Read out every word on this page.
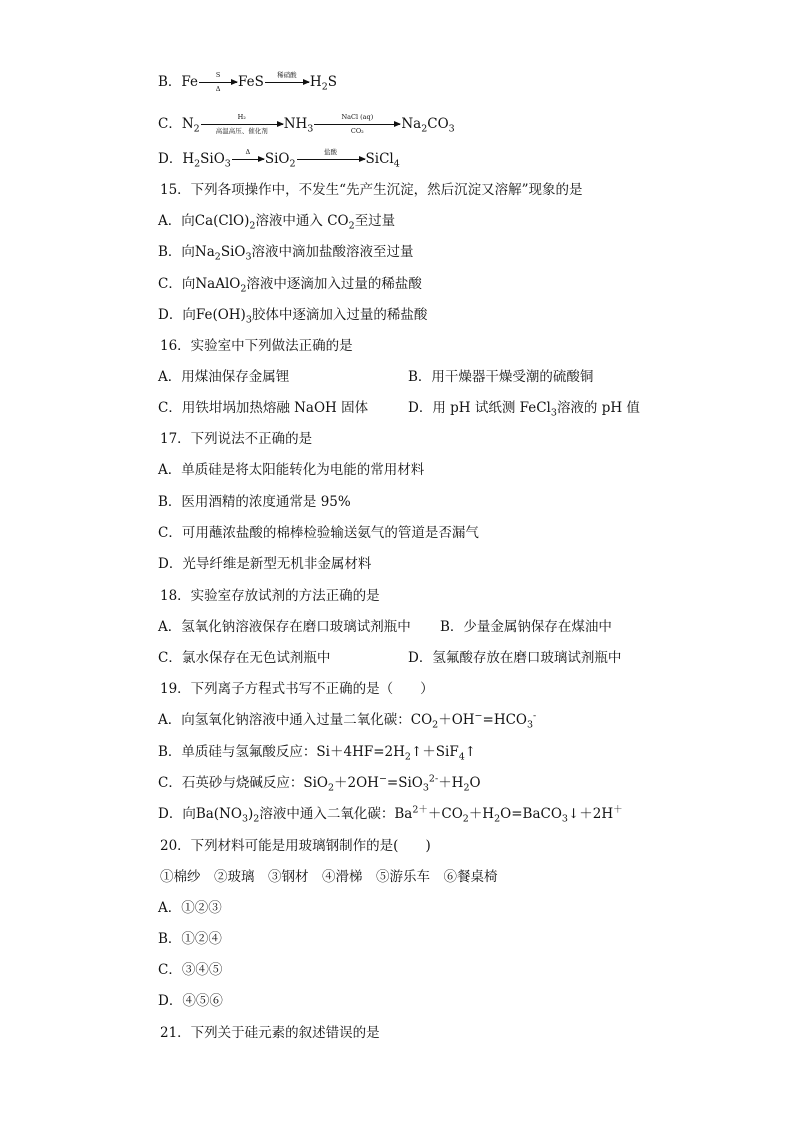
B．Fe $\frac{S}{\Delta}$ FeS	稀硝酸 $H_2S$
C．$N_2$
H₂
高温高压、催化剂	$NH_3$
NaCl (aq)
CO₂	$Na_2CO_3$
D．$H_2SiO_3$
Δ	SiO$_2$
盐酸	SiCl$_4$
15．下列各项操作中，不发生“先产生沉淀，然后沉淀又溶解”现象的是
A．向$Ca(ClO)_2$溶液中通入 $CO_2$至过量
B．向$Na_2SiO_3$溶液中滴加盐酸溶液至过量
C．向NaAlO$_2$溶液中逐滴加入过量的稀盐酸
D．向$Fe(OH)_3$胶体中逐滴加入过量的稀盐酸
16．实验室中下列做法正确的是
A．用煤油保存金属锂	B．用干燥器干燥受潮的硫酸铜
C．用铁坩埚加热熔融 NaOH 固体	D．用 pH 试纸测 FeCl$_3$溶液的 pH 值
17．下列说法不正确的是
A．单质硅是将太阳能转化为电能的常用材料
B．医用酒精的浓度通常是 95%
C．可用蘸浓盐酸的棉棒检验输送氨气的管道是否漏气
D．光导纤维是新型无机非金属材料
18．实验室存放试剂的方法正确的是
A．氢氧化钠溶液保存在磨口玻璃试剂瓶中 B．少量金属钠保存在煤油中
C．氯水保存在无色试剂瓶中	D．氢氟酸存放在磨口玻璃试剂瓶中
19．下列离子方程式书写不正确的是（　　）
A．向氢氧化钠溶液中通入过量二氧化碳：$CO_2+OH^-=HCO_3^-$
B．单质硅与氢氟酸反应：$Si+4HF=2H_2↑+SiF_4↑$
C．石英砂与烧碱反应：$SiO_2+2OH^-=SiO_3^{2-}+H_2O$
D．向$Ba(NO_3)_2$溶液中通入二氧化碳：$Ba^{2+}+CO_2+H_2O=BaCO_3↓+2H^+$
20．下列材料可能是用玻璃钢制作的是(　　)
①棉纱　②玻璃　③钢材　④滑梯　⑤游乐车　⑥餐桌椅
A．①②③
B．①②④
C．③④⑤
D．④⑤⑥
21．下列关于硅元素的叙述错误的是
